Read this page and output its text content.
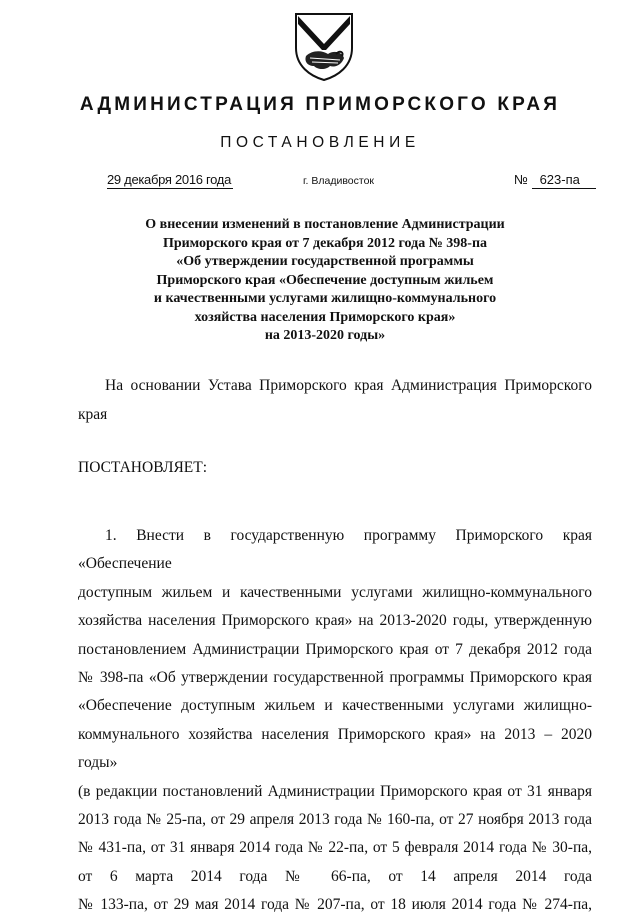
АДМИНИСТРАЦИЯ ПРИМОРСКОГО КРАЯ
ПОСТАНОВЛЕНИЕ
29 декабря 2016 года	г. Владивосток	№ 623-па
О внесении изменений в постановление Администрации
Приморского края от 7 декабря 2012 года № 398-па
«Об утверждении государственной программы
Приморского края «Обеспечение доступным жильем
и качественными услугами жилищно-коммунального
хозяйства населения Приморского края»
на 2013-2020 годы»
На основании Устава Приморского края Администрация Приморского края
ПОСТАНОВЛЯЕТ:
1. Внести в государственную программу Приморского края «Обеспечение
доступным жильем и качественными услугами жилищно-коммунального
хозяйства населения Приморского края» на 2013-2020 годы, утвержденную
постановлением Администрации Приморского края от 7 декабря 2012 года
№ 398-па «Об утверждении государственной программы Приморского края
«Обеспечение доступным жильем и качественными услугами жилищно-
коммунального хозяйства населения Приморского края» на 2013 – 2020 годы»
(в редакции постановлений Администрации Приморского края от 31 января
2013 года № 25-па, от 29 апреля 2013 года № 160-па, от 27 ноября 2013 года
№ 431-па, от 31 января 2014 года № 22-па, от 5 февраля 2014 года № 30-па,
от 6 марта 2014 года № 66-па, от 14 апреля 2014 года
№ 133-па, от 29 мая 2014 года № 207-па, от 18 июля 2014 года № 274-па,
